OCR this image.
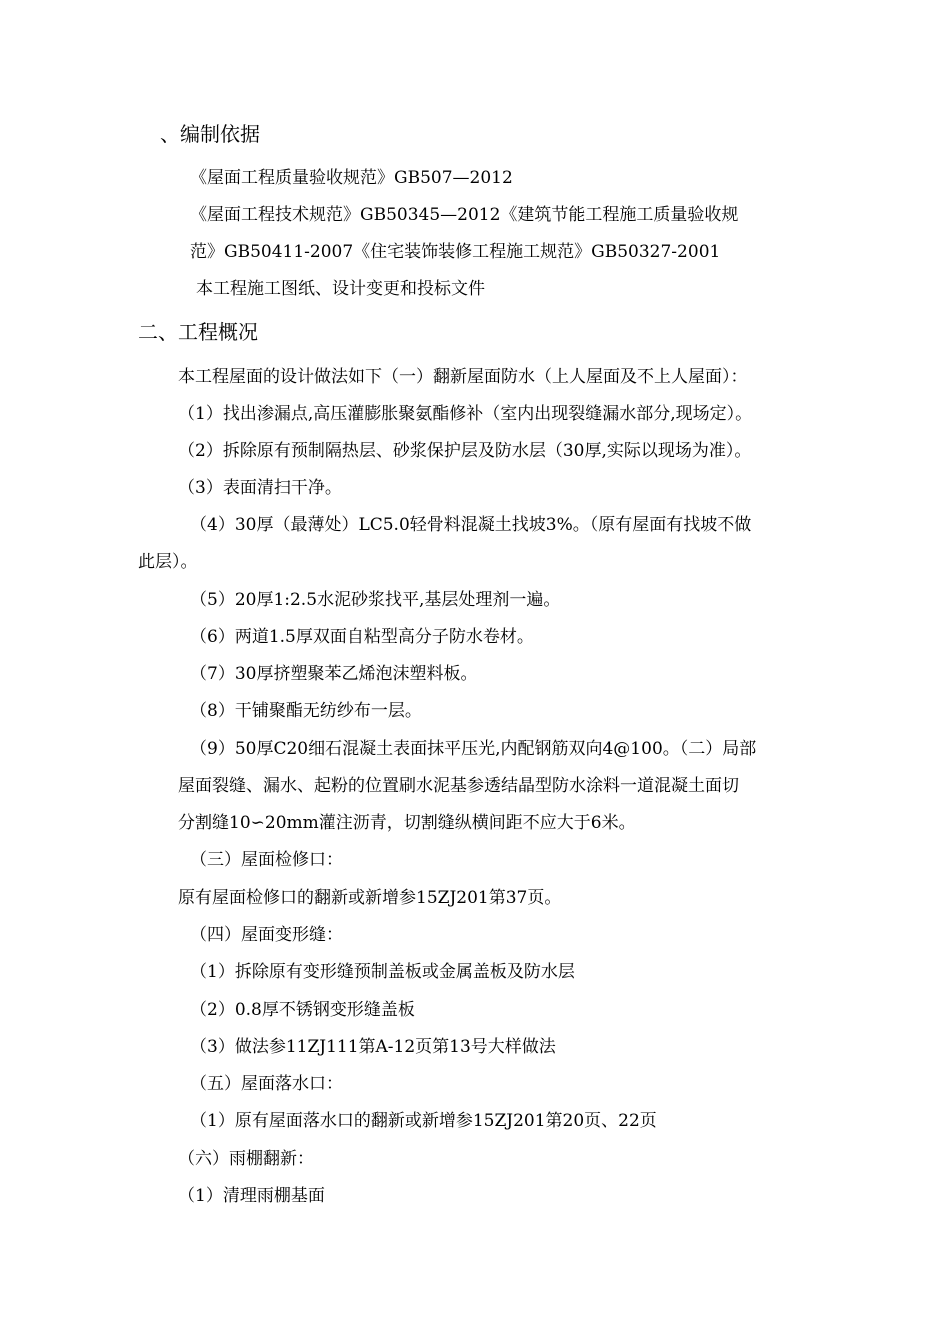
、编制依据
《屋面工程质量验收规范》GB507—2012
《屋面工程技术规范》GB50345—2012《建筑节能工程施工质量验收规
范》GB50411-2007《住宅装饰装修工程施工规范》GB50327-2001
本工程施工图纸、设计变更和投标文件
二、工程概况
本工程屋面的设计做法如下（一）翻新屋面防水（上人屋面及不上人屋面）：
（1）找出渗漏点,高压灌膨胀聚氨酯修补（室内出现裂缝漏水部分,现场定）。
（2）拆除原有预制隔热层、砂浆保护层及防水层（30厚,实际以现场为准）。
（3）表面清扫干净。
（4）30厚（最薄处）LC5.0轻骨料混凝土找坡3%。（原有屋面有找坡不做
此层）。
（5）20厚1:2.5水泥砂浆找平,基层处理剂一遍。
（6）两道1.5厚双面自粘型高分子防水卷材。
（7）30厚挤塑聚苯乙烯泡沫塑料板。
（8）干铺聚酯无纺纱布一层。
（9）50厚C20细石混凝土表面抹平压光,内配钢筋双向4@100。（二）局部
屋面裂缝、漏水、起粉的位置刷水泥基参透结晶型防水涂料一道混凝土面切
分割缝10∽20mm灌注沥青，切割缝纵横间距不应大于6米。
（三）屋面检修口：
原有屋面检修口的翻新或新增参15ZJ201第37页。
（四）屋面变形缝：
（1）拆除原有变形缝预制盖板或金属盖板及防水层
（2）0.8厚不锈钢变形缝盖板
（3）做法参11ZJ111第A-12页第13号大样做法
（五）屋面落水口：
（1）原有屋面落水口的翻新或新增参15ZJ201第20页、22页
（六）雨棚翻新：
（1）清理雨棚基面
